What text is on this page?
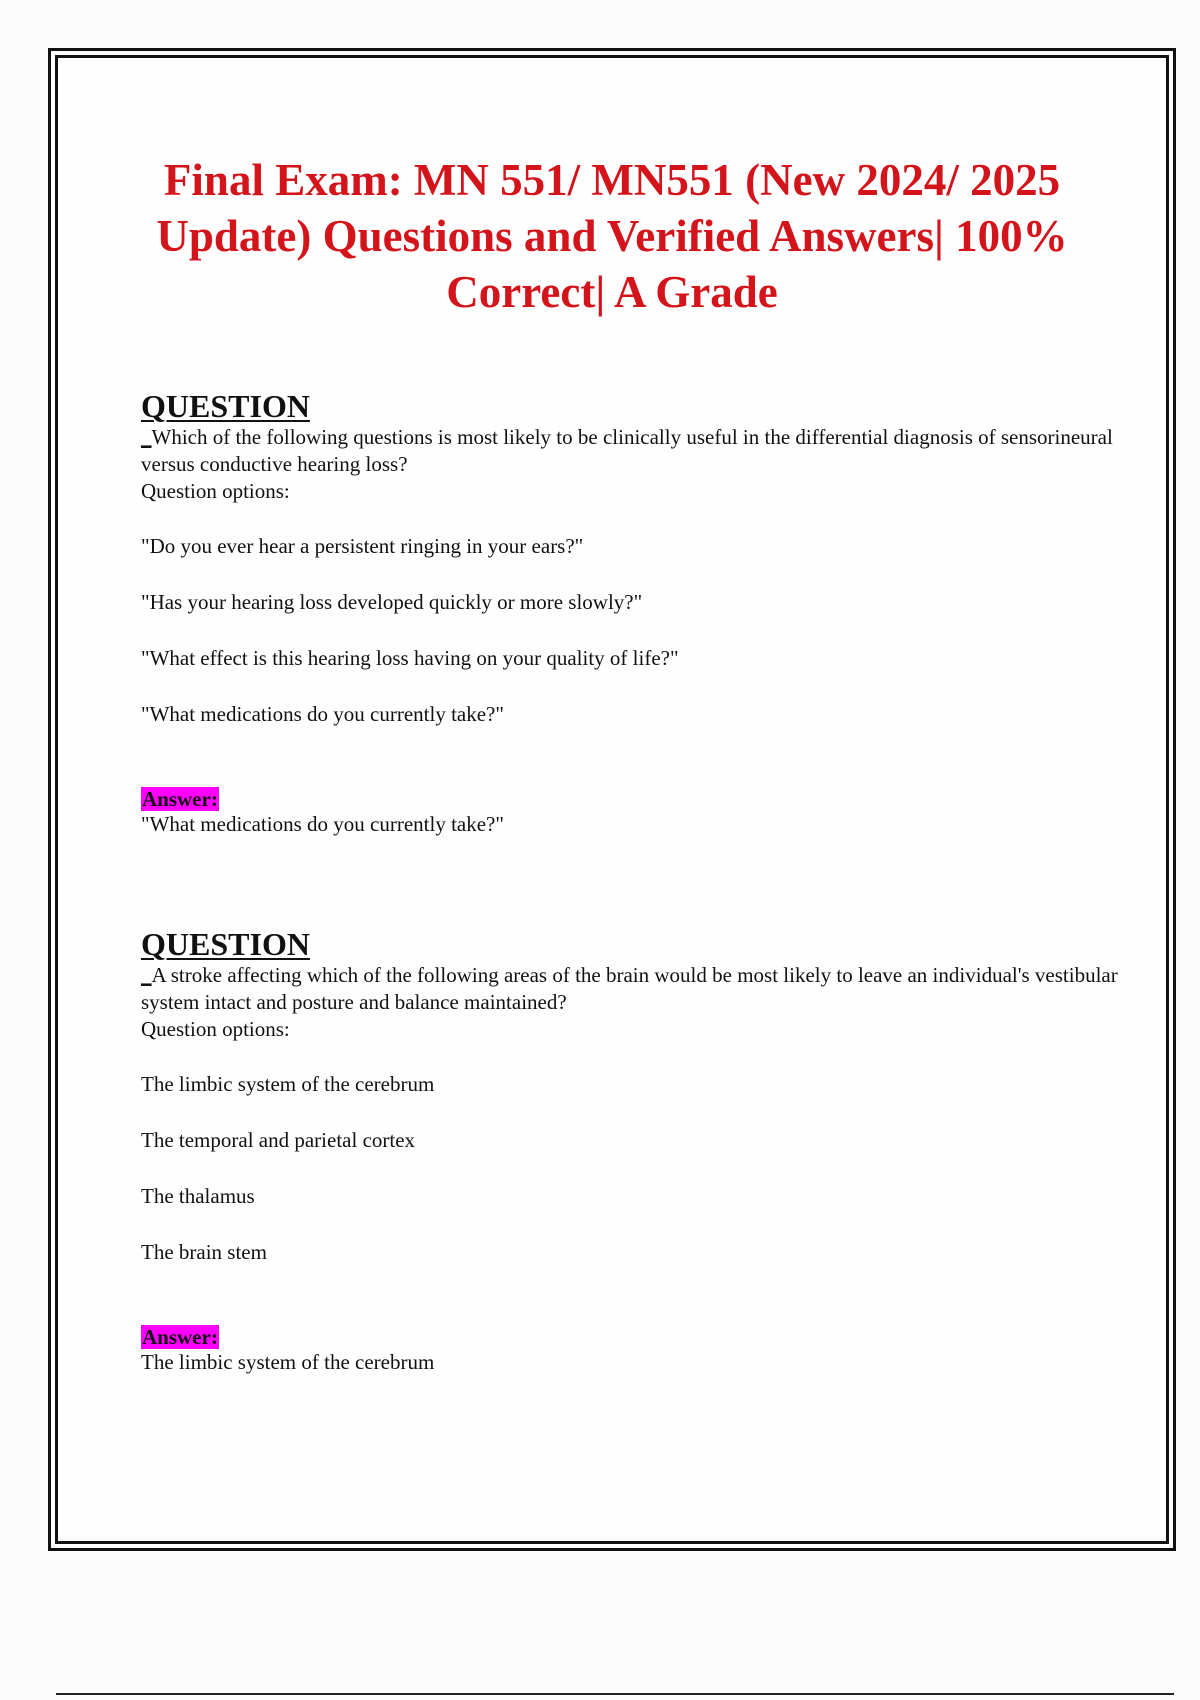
Final Exam: MN 551/ MN551 (New 2024/ 2025 Update) Questions and Verified Answers| 100% Correct| A Grade
QUESTION

_Which of the following questions is most likely to be clinically useful in the differential diagnosis of sensorineural versus conductive hearing loss?

Question options:

"Do you ever hear a persistent ringing in your ears?"
"Has your hearing loss developed quickly or more slowly?"
"What effect is this hearing loss having on your quality of life?"
"What medications do you currently take?"
Answer:

"What medications do you currently take?"

QUESTION

_A stroke affecting which of the following areas of the brain would be most likely to leave an individual's vestibular system intact and posture and balance maintained?

Question options:

The limbic system of the cerebrum
The temporal and parietal cortex
The thalamus
The brain stem
Answer:

The limbic system of the cerebrum
